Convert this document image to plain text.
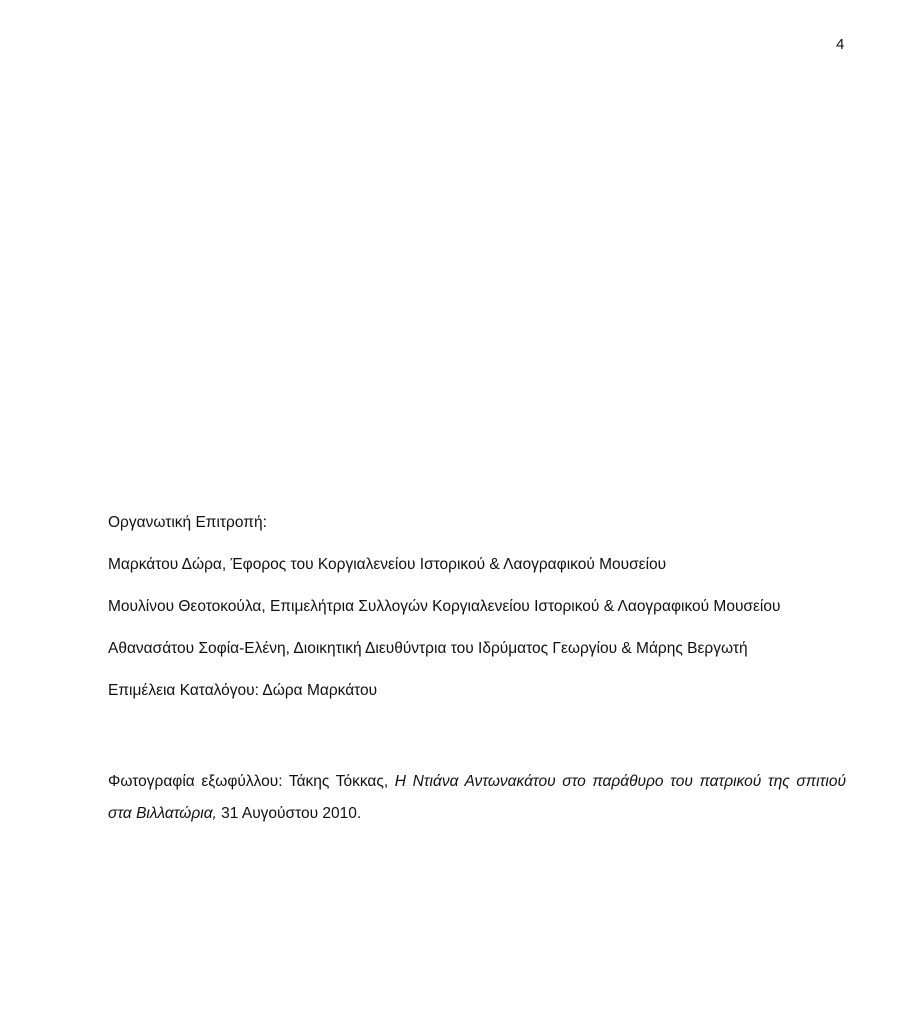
4
Οργανωτική Επιτροπή:
Μαρκάτου Δώρα, Έφορος του Κοργιαλενείου Ιστορικού & Λαογραφικού Μουσείου
Μουλίνου Θεοτοκούλα, Επιμελήτρια Συλλογών Κοργιαλενείου Ιστορικού & Λαογραφικού Μουσείου
Αθανασάτου Σοφία-Ελένη, Διοικητική Διευθύντρια του Ιδρύματος Γεωργίου & Μάρης Βεργωτή
Επιμέλεια Καταλόγου: Δώρα Μαρκάτου
Φωτογραφία εξωφύλλου: Τάκης Τόκκας, Η Ντιάνα Αντωνακάτου στο παράθυρο του πατρικού της σπιτιού στα Βιλλατώρια, 31 Αυγούστου 2010.
